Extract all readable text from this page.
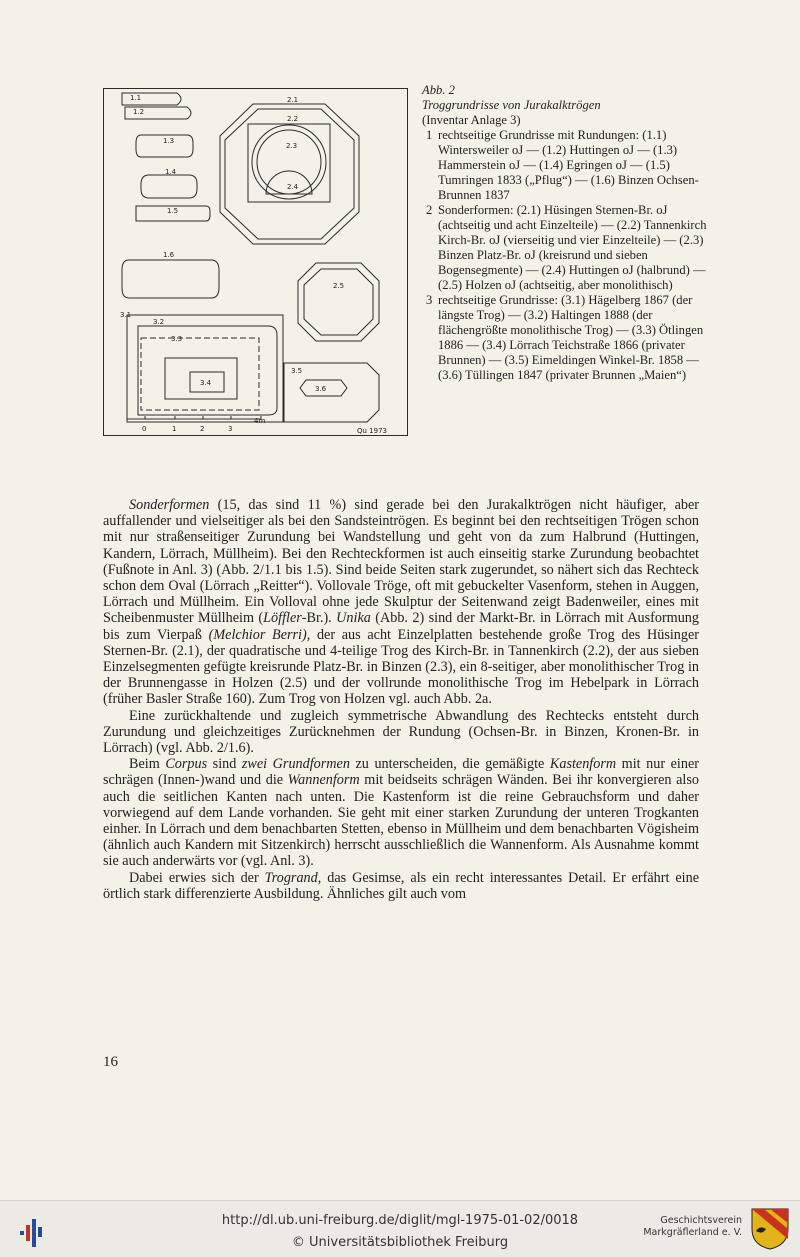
1.1
1.2
1.3
1.4
1.5
1.6
2.1
2.2
2.3
2.4
2.5
3.1
3.2
3.3
3.4
3.5
3.6
0	1	2	3
4m
Qu 1973
Abb. 2
Troggrundrisse von Jurakalktrögen
(Inventar Anlage 3)
1 rechtseitige Grundrisse mit Rundungen: (1.1) Wintersweiler oJ — (1.2) Huttingen oJ — (1.3) Hammerstein oJ — (1.4) Egringen oJ — (1.5) Tumringen 1833 („Pflug“) — (1.6) Binzen Ochsen-Brunnen 1837
2 Sonderformen: (2.1) Hüsingen Sternen-Br. oJ (achtseitig und acht Einzelteile) — (2.2) Tannenkirch Kirch-Br. oJ (vierseitig und vier Einzelteile) — (2.3) Binzen Platz-Br. oJ (kreisrund und sieben Bogensegmente) — (2.4) Huttingen oJ (halbrund) — (2.5) Holzen oJ (achtseitig, aber monolithisch)
3 rechtseitige Grundrisse: (3.1) Hägelberg 1867 (der längste Trog) — (3.2) Haltingen 1888 (der flächengrößte monolithische Trog) — (3.3) Ötlingen 1886 — (3.4) Lörrach Teichstraße 1866 (privater Brunnen) — (3.5) Eimeldingen Winkel-Br. 1858 — (3.6) Tüllingen 1847 (privater Brunnen „Maien“)

Sonderformen (15, das sind 11 %) sind gerade bei den Jurakalktrögen nicht häufiger, aber auffallender und vielseitiger als bei den Sandsteintrögen. Es beginnt bei den rechtseitigen Trögen schon mit nur straßenseitiger Zurundung bei Wandstellung und geht von da zum Halbrund (Huttingen, Kandern, Lörrach, Müllheim). Bei den Rechteckformen ist auch einseitig starke Zurundung beobachtet (Fußnote in Anl. 3) (Abb. 2/1.1 bis 1.5). Sind beide Seiten stark zugerundet, so nähert sich das Rechteck schon dem Oval (Lörrach „Reitter“). Vollovale Tröge, oft mit gebuckelter Vasenform, stehen in Auggen, Lörrach und Müllheim. Ein Volloval ohne jede Skulptur der Seitenwand zeigt Badenweiler, eines mit Scheibenmuster Müllheim (Löffler-Br.). Unika (Abb. 2) sind der Markt-Br. in Lörrach mit Ausformung bis zum Vierpaß (Melchior Berri), der aus acht Einzelplatten bestehende große Trog des Hüsinger Sternen-Br. (2.1), der quadratische und 4-teilige Trog des Kirch-Br. in Tannenkirch (2.2), der aus sieben Einzelsegmenten gefügte kreisrunde Platz-Br. in Binzen (2.3), ein 8-seitiger, aber monolithischer Trog in der Brunnengasse in Holzen (2.5) und der vollrunde monolithische Trog im Hebelpark in Lörrach (früher Basler Straße 160). Zum Trog von Holzen vgl. auch Abb. 2a.

Eine zurückhaltende und zugleich symmetrische Abwandlung des Rechtecks entsteht durch Zurundung und gleichzeitiges Zurücknehmen der Rundung (Ochsen-Br. in Binzen, Kronen-Br. in Lörrach) (vgl. Abb. 2/1.6).

Beim Corpus sind zwei Grundformen zu unterscheiden, die gemäßigte Kastenform mit nur einer schrägen (Innen-)wand und die Wannenform mit beidseits schrägen Wänden. Bei ihr konvergieren also auch die seitlichen Kanten nach unten. Die Kastenform ist die reine Gebrauchsform und daher vorwiegend auf dem Lande vorhanden. Sie geht mit einer starken Zurundung der unteren Trogkanten einher. In Lörrach und dem benachbarten Stetten, ebenso in Müllheim und dem benachbarten Vögisheim (ähnlich auch Kandern mit Sitzenkirch) herrscht ausschließlich die Wannenform. Als Ausnahme kommt sie auch anderwärts vor (vgl. Anl. 3).

Dabei erwies sich der Trogrand, das Gesimse, als ein recht interessantes Detail. Er erfährt eine örtlich stark differenzierte Ausbildung. Ähnliches gilt auch vom

16
http://dl.ub.uni-freiburg.de/diglit/mgl-1975-01-02/0018
© Universitätsbibliothek Freiburg
Geschichtsverein
Markgräflerland e. V.
